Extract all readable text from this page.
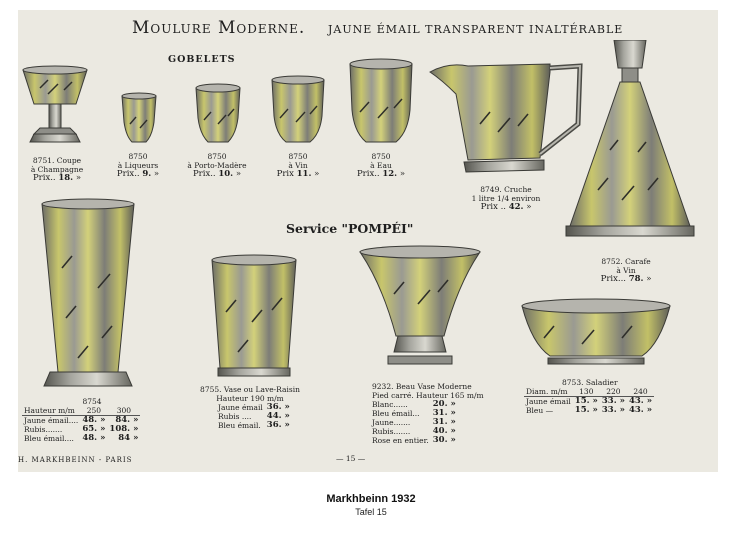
Moulure Moderne. JAUNE ÉMAIL TRANSPARENT INALTÉRABLE
GOBELETS
Service "POMPÉI"
8751. Coupe
à Champagne
Prix.. 18. »
8750
à Liqueurs
Prix.. 9. »
8750
à Porto-Madère
Prix.. 10. »
8750
à Vin
Prix 11. »
8750
à Eau
Prix.. 12. »
8749. Cruche
1 litre 1/4 environ
Prix .. 42. »
8752. Carafe
à Vin
Prix... 78. »
8754
Hauteur m/m	250	300
Jaune émail....	48. »	84. »
Rubis.......	65. »	108. »
Bleu émail....	48. »	84 »
8755. Vase ou Lave-Raisin
Hauteur 190 m/m
Jaune émail	36. »
Rubis ....	44. »
Bleu émail.	36. »
9232. Beau Vase Moderne
Pied carré. Hauteur 165 m/m
Blanc......	20. »
Bleu émail...	31. »
Jaune.......	31. »
Rubis.......	40. »
Rose en entier.	30. »
8753. Saladier
Diam. m/m	130	220	240
Jaune émail	15. »	33. »	43. »
Bleu —	15. »	33. »	43. »
H. MARKHBEINN - PARIS	— 15 —
Markhbeinn 1932
Tafel 15
